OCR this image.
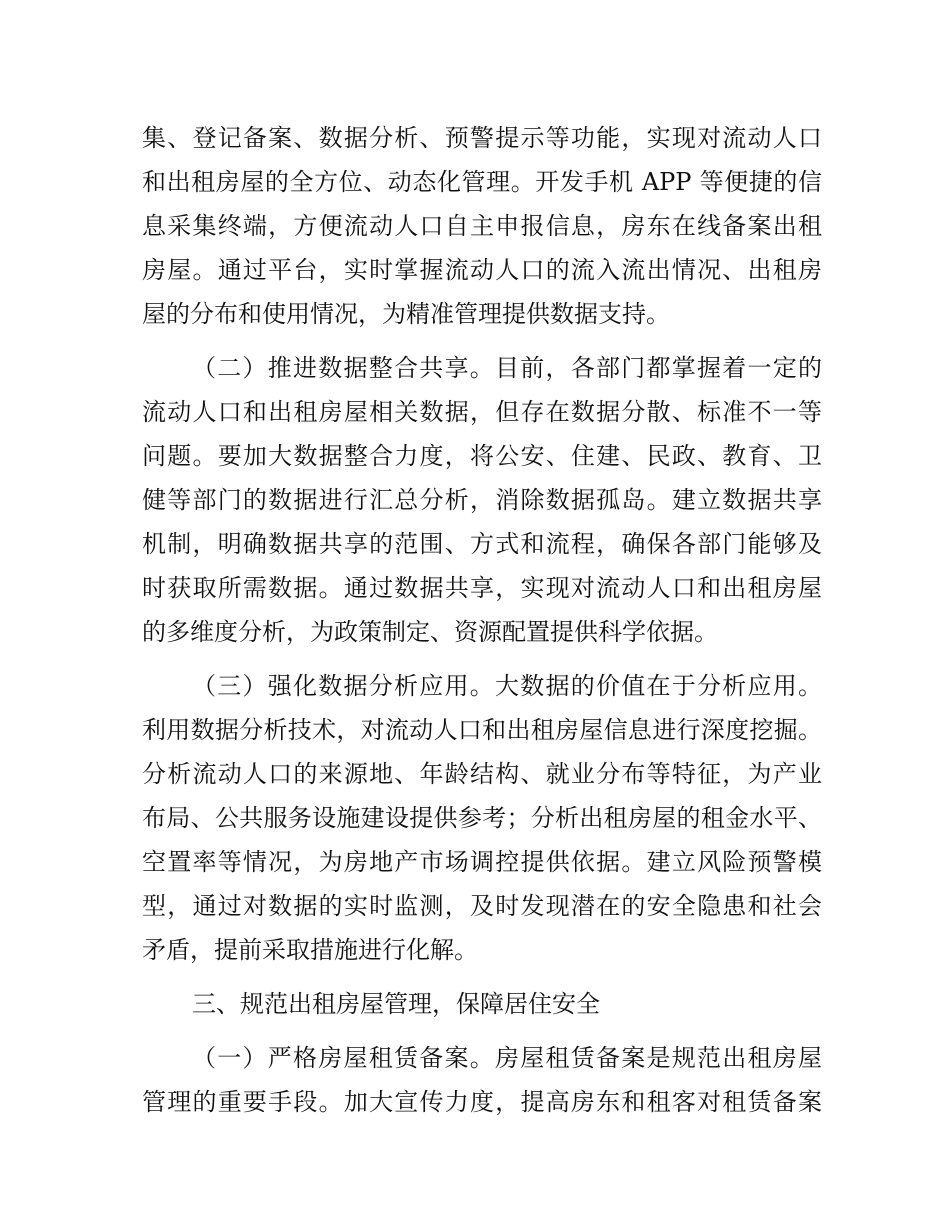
集、登记备案、数据分析、预警提示等功能，实现对流动人口
和出租房屋的全方位、动态化管理。开发手机 APP 等便捷的信
息采集终端，方便流动人口自主申报信息，房东在线备案出租
房屋。通过平台，实时掌握流动人口的流入流出情况、出租房
屋的分布和使用情况，为精准管理提供数据支持。
（二）推进数据整合共享。目前，各部门都掌握着一定的
流动人口和出租房屋相关数据，但存在数据分散、标准不一等
问题。要加大数据整合力度，将公安、住建、民政、教育、卫
健等部门的数据进行汇总分析，消除数据孤岛。建立数据共享
机制，明确数据共享的范围、方式和流程，确保各部门能够及
时获取所需数据。通过数据共享，实现对流动人口和出租房屋
的多维度分析，为政策制定、资源配置提供科学依据。
（三）强化数据分析应用。大数据的价值在于分析应用。
利用数据分析技术，对流动人口和出租房屋信息进行深度挖掘。
分析流动人口的来源地、年龄结构、就业分布等特征，为产业
布局、公共服务设施建设提供参考；分析出租房屋的租金水平、
空置率等情况，为房地产市场调控提供依据。建立风险预警模
型，通过对数据的实时监测，及时发现潜在的安全隐患和社会
矛盾，提前采取措施进行化解。
三、规范出租房屋管理，保障居住安全
（一）严格房屋租赁备案。房屋租赁备案是规范出租房屋
管理的重要手段。加大宣传力度，提高房东和租客对租赁备案
